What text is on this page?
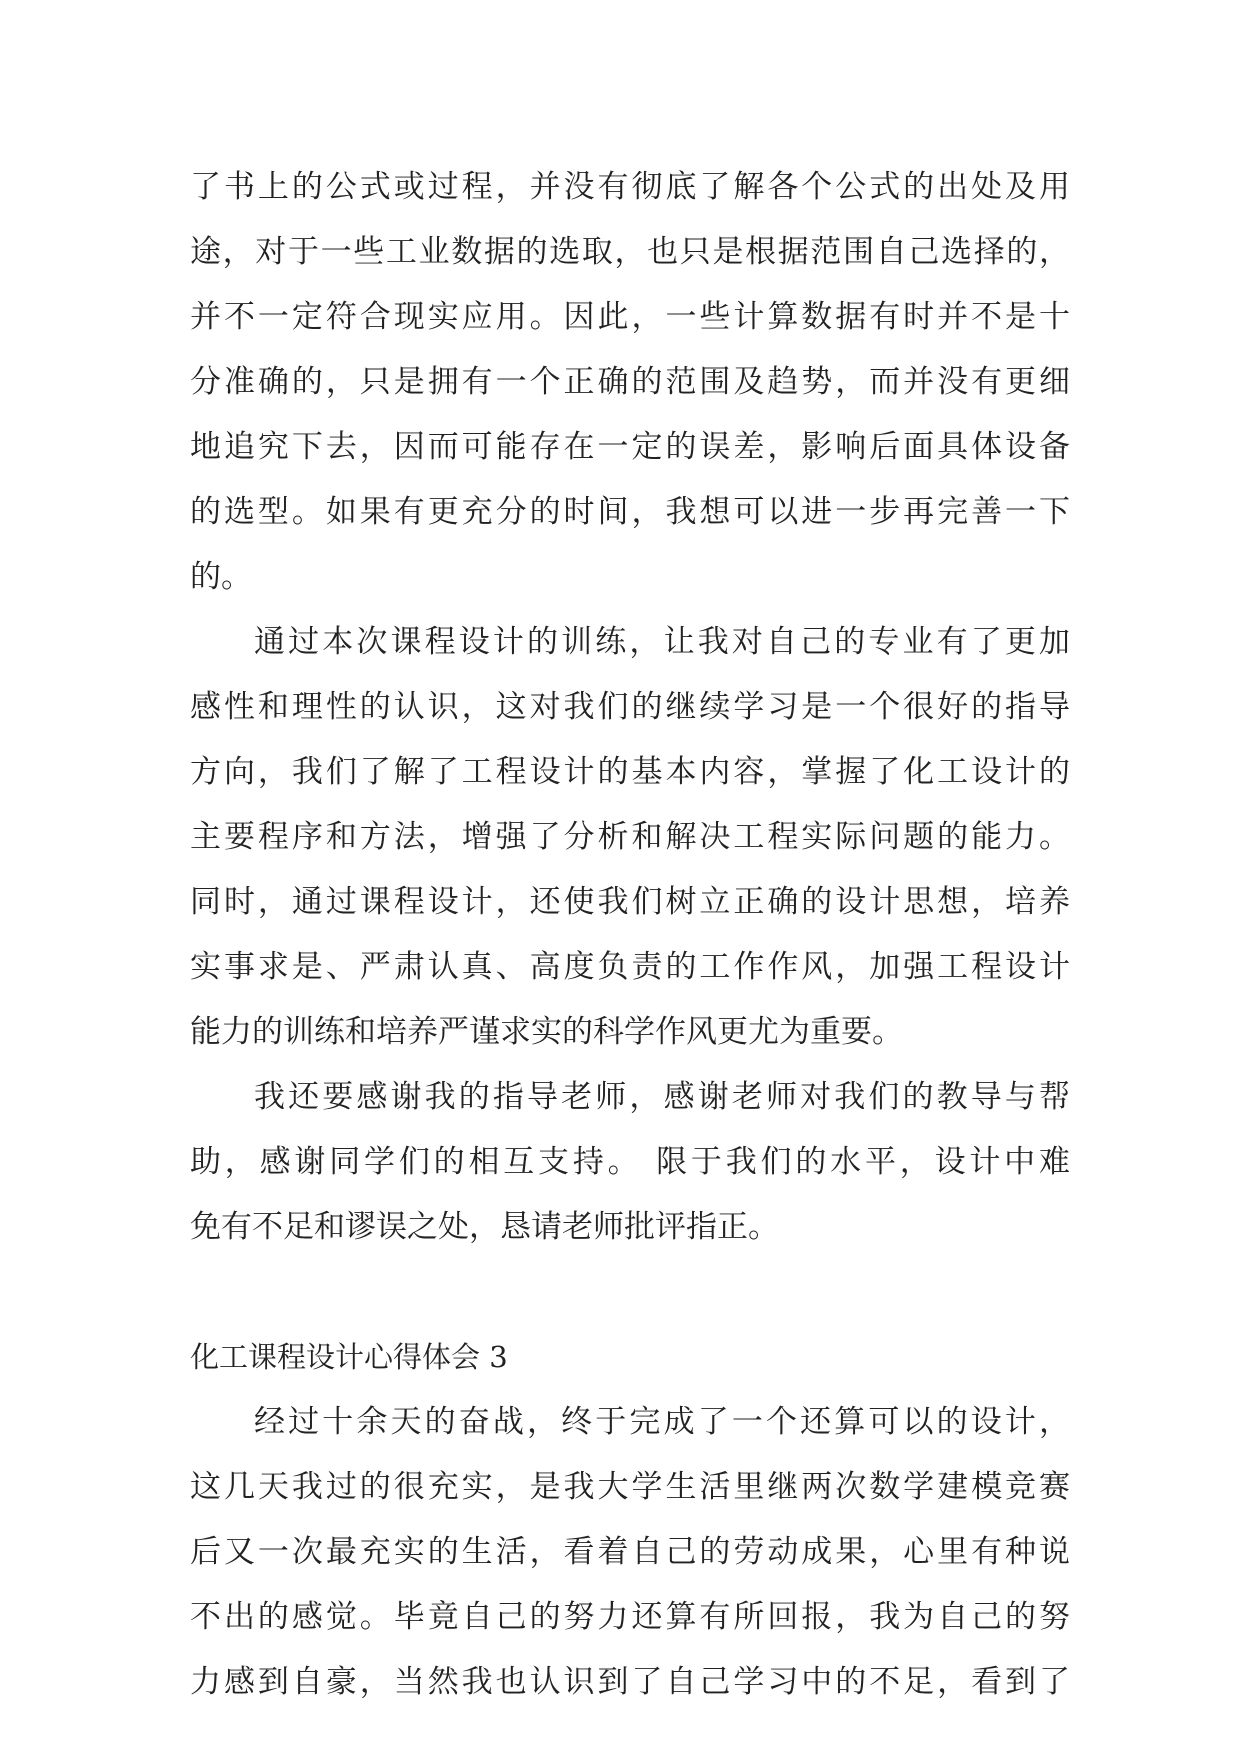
了书上的公式或过程，并没有彻底了解各个公式的出处及用
途，对于一些工业数据的选取，也只是根据范围自己选择的，
并不一定符合现实应用。因此，一些计算数据有时并不是十
分准确的，只是拥有一个正确的范围及趋势，而并没有更细
地追究下去，因而可能存在一定的误差，影响后面具体设备
的选型。如果有更充分的时间，我想可以进一步再完善一下
的。
通过本次课程设计的训练，让我对自己的专业有了更加
感性和理性的认识，这对我们的继续学习是一个很好的指导
方向，我们了解了工程设计的基本内容，掌握了化工设计的
主要程序和方法，增强了分析和解决工程实际问题的能力。
同时，通过课程设计，还使我们树立正确的设计思想，培养
实事求是、严肃认真、高度负责的工作作风，加强工程设计
能力的训练和培养严谨求实的科学作风更尤为重要。
我还要感谢我的指导老师，感谢老师对我们的教导与帮
助，感谢同学们的相互支持。 限于我们的水平，设计中难
免有不足和谬误之处，恳请老师批评指正。
化工课程设计心得体会 3
经过十余天的奋战，终于完成了一个还算可以的设计，
这几天我过的很充实，是我大学生活里继两次数学建模竞赛
后又一次最充实的生活，看着自己的劳动成果，心里有种说
不出的感觉。毕竟自己的努力还算有所回报，我为自己的努
力感到自豪，当然我也认识到了自己学习中的不足，看到了
